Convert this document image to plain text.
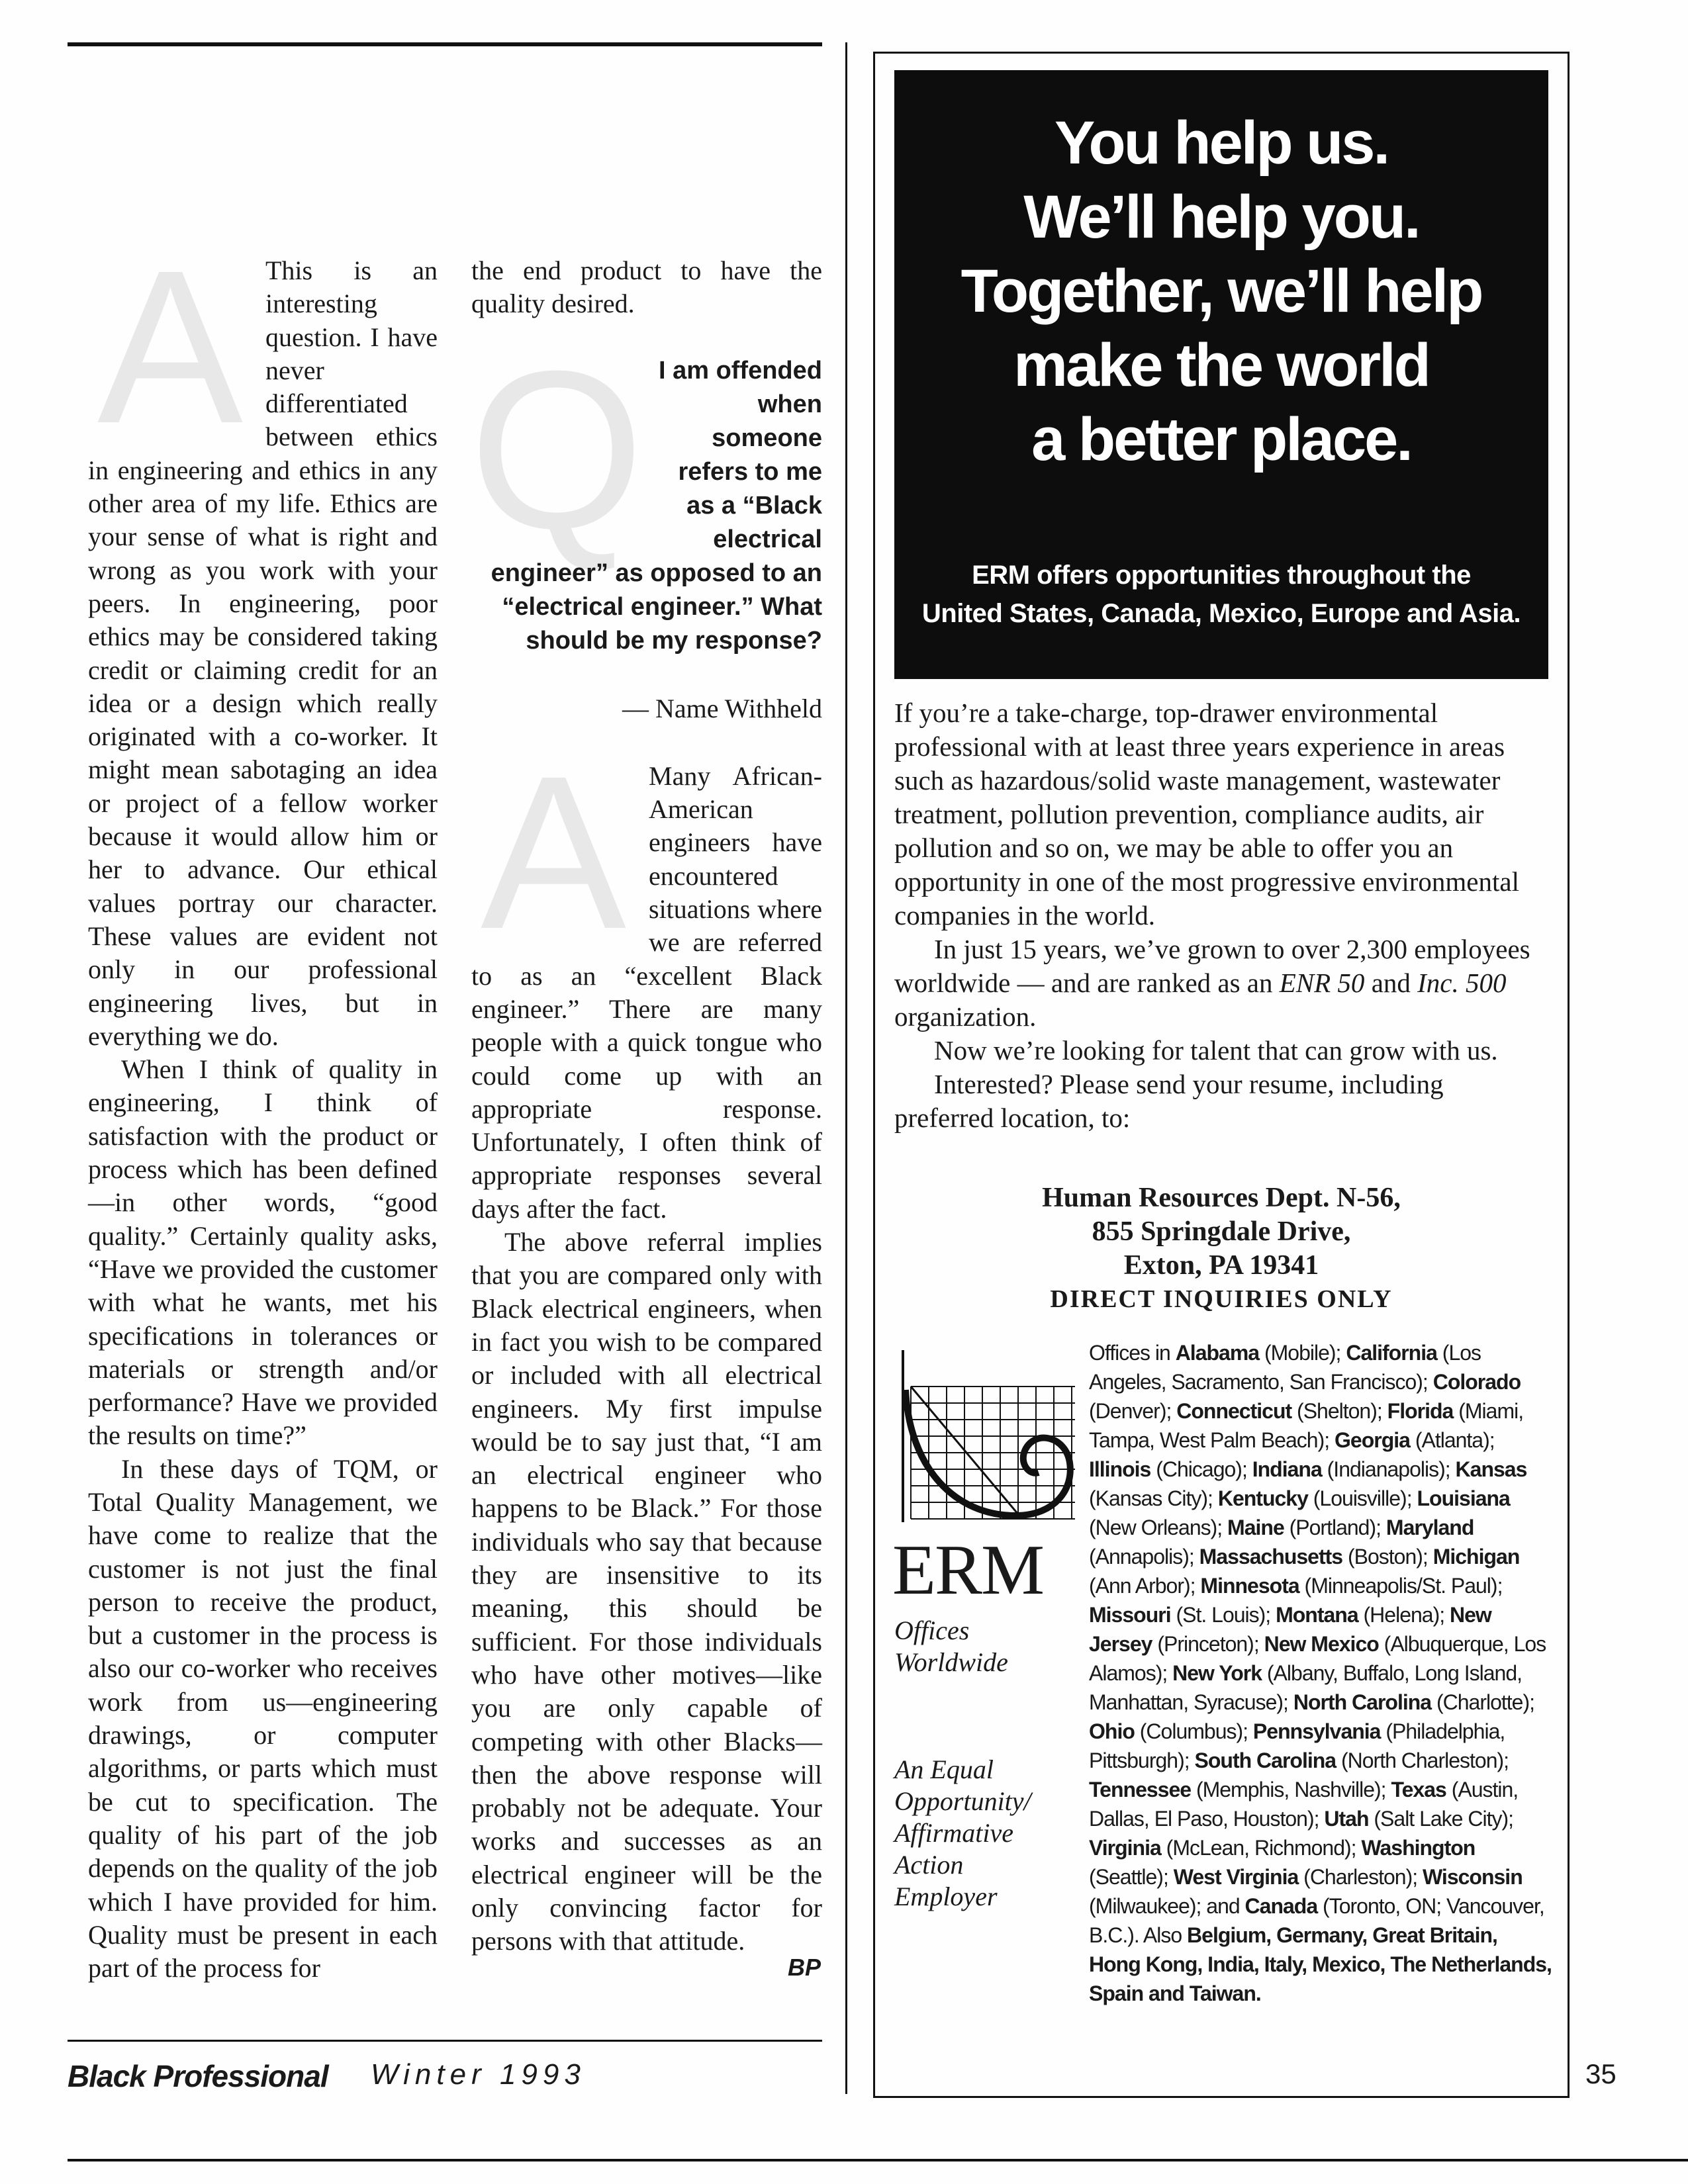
A This is an interesting question. I have never differentiated between ethics in engineering and ethics in any other area of my life. Ethics are your sense of what is right and wrong as you work with your peers. In engineering, poor ethics may be considered taking credit or claiming credit for an idea or a design which really originated with a co-worker. It might mean sabotaging an idea or project of a fellow worker because it would allow him or her to advance. Our ethical values portray our character. These values are evident not only in our professional engineering lives, but in everything we do.

When I think of quality in engineering, I think of satisfaction with the product or process which has been defined—in other words, “good quality.” Certainly quality asks, “Have we provided the customer with what he wants, met his specifications in tolerances or materials or strength and/or performance? Have we provided the results on time?”

In these days of TQM, or Total Quality Management, we have come to realize that the customer is not just the final person to receive the product, but a customer in the process is also our co-worker who receives work from us—engineering drawings, or computer algorithms, or parts which must be cut to specification. The quality of his part of the job depends on the quality of the job which I have provided for him. Quality must be present in each part of the process for

the end product to have the quality desired.

Q I am offended when someone refers to me as a “Black electrical engineer” as opposed to an “electrical engineer.” What should be my response?

— Name Withheld

A Many African-American engineers have encountered situations where we are referred to as an “excellent Black engineer.” There are many people with a quick tongue who could come up with an appropriate response. Unfortunately, I often think of appropriate responses several days after the fact.

The above referral implies that you are compared only with Black electrical engineers, when in fact you wish to be compared or included with all electrical engineers. My first impulse would be to say just that, “I am an electrical engineer who happens to be Black.” For those individuals who say that because they are insensitive to its meaning, this should be sufficient. For those individuals who have other motives—like you are only capable of competing with other Blacks—then the above response will probably not be adequate. Your works and successes as an electrical engineer will be the only convincing factor for persons with that attitude.

BP
You help us.
We’ll help you.
Together, we’ll help
make the world
a better place.
ERM offers opportunities throughout the
United States, Canada, Mexico, Europe and Asia.

If you’re a take-charge, top-drawer environmental professional with at least three years experience in areas such as hazardous/solid waste management, wastewater treatment, pollution prevention, compliance audits, air pollution and so on, we may be able to offer you an opportunity in one of the most progressive environmental companies in the world.

In just 15 years, we’ve grown to over 2,300 employees worldwide — and are ranked as an ENR 50 and Inc. 500 organization.

Now we’re looking for talent that can grow with us.

Interested? Please send your resume, including preferred location, to:

Human Resources Dept. N-56,
855 Springdale Drive,
Exton, PA 19341
DIRECT INQUIRIES ONLY
ERM
Offices
Worldwide
An Equal
Opportunity/
Affirmative
Action
Employer
Offices in Alabama (Mobile); California (Los Angeles, Sacramento, San Francisco); Colorado (Denver); Connecticut (Shelton); Florida (Miami, Tampa, West Palm Beach); Georgia (Atlanta); Illinois (Chicago); Indiana (Indianapolis); Kansas (Kansas City); Kentucky (Louisville); Louisiana (New Orleans); Maine (Portland); Maryland (Annapolis); Massachusetts (Boston); Michigan (Ann Arbor); Minnesota (Minneapolis/St. Paul); Missouri (St. Louis); Montana (Helena); New Jersey (Princeton); New Mexico (Albuquerque, Los Alamos); New York (Albany, Buffalo, Long Island, Manhattan, Syracuse); North Carolina (Charlotte); Ohio (Columbus); Pennsylvania (Philadelphia, Pittsburgh); South Carolina (North Charleston); Tennessee (Memphis, Nashville); Texas (Austin, Dallas, El Paso, Houston); Utah (Salt Lake City); Virginia (McLean, Richmond); Washington (Seattle); West Virginia (Charleston); Wisconsin (Milwaukee); and Canada (Toronto, ON; Vancouver, B.C.). Also Belgium, Germany, Great Britain, Hong Kong, India, Italy, Mexico, The Netherlands, Spain and Taiwan.
Black Professional Winter 1993	35
